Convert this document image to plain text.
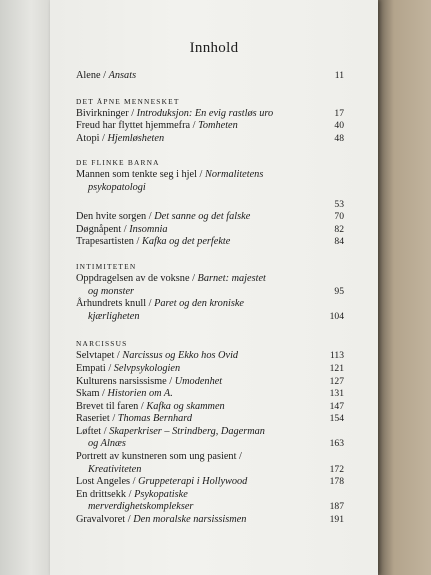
Innhold
Alene / Ansats	11
DET ÅPNE MENNESKET
Bivirkninger / Introduksjon: En evig rastløs uro	17
Freud har flyttet hjemmefra / Tomheten	40
Atopi / Hjemløsheten	48
DE FLINKE BARNA
Mannen som tenkte seg i hjel / Normalitetens
psykopatologi
53
Den hvite sorgen / Det sanne og det falske	70
Døgnåpent / Insomnia	82
Trapesartisten / Kafka og det perfekte	84
INTIMITETEN
Oppdragelsen av de voksne / Barnet: majestet
og monster	95
Århundrets knull / Paret og den kroniske
kjærligheten	104
NARCISSUS
Selvtapet / Narcissus og Ekko hos Ovid	113
Empati / Selvpsykologien	121
Kulturens narsissisme / Umodenhet	127
Skam / Historien om A.	131
Brevet til faren / Kafka og skammen	147
Raseriet / Thomas Bernhard	154
Løftet / Skaperkriser – Strindberg, Dagerman
og Alnæs	163
Portrett av kunstneren som ung pasient /
Kreativiteten	172
Lost Angeles / Gruppeterapi i Hollywood	178
En drittsekk / Psykopatiske
merverdighetskomplekser	187
Gravalvoret / Den moralske narsissismen	191
